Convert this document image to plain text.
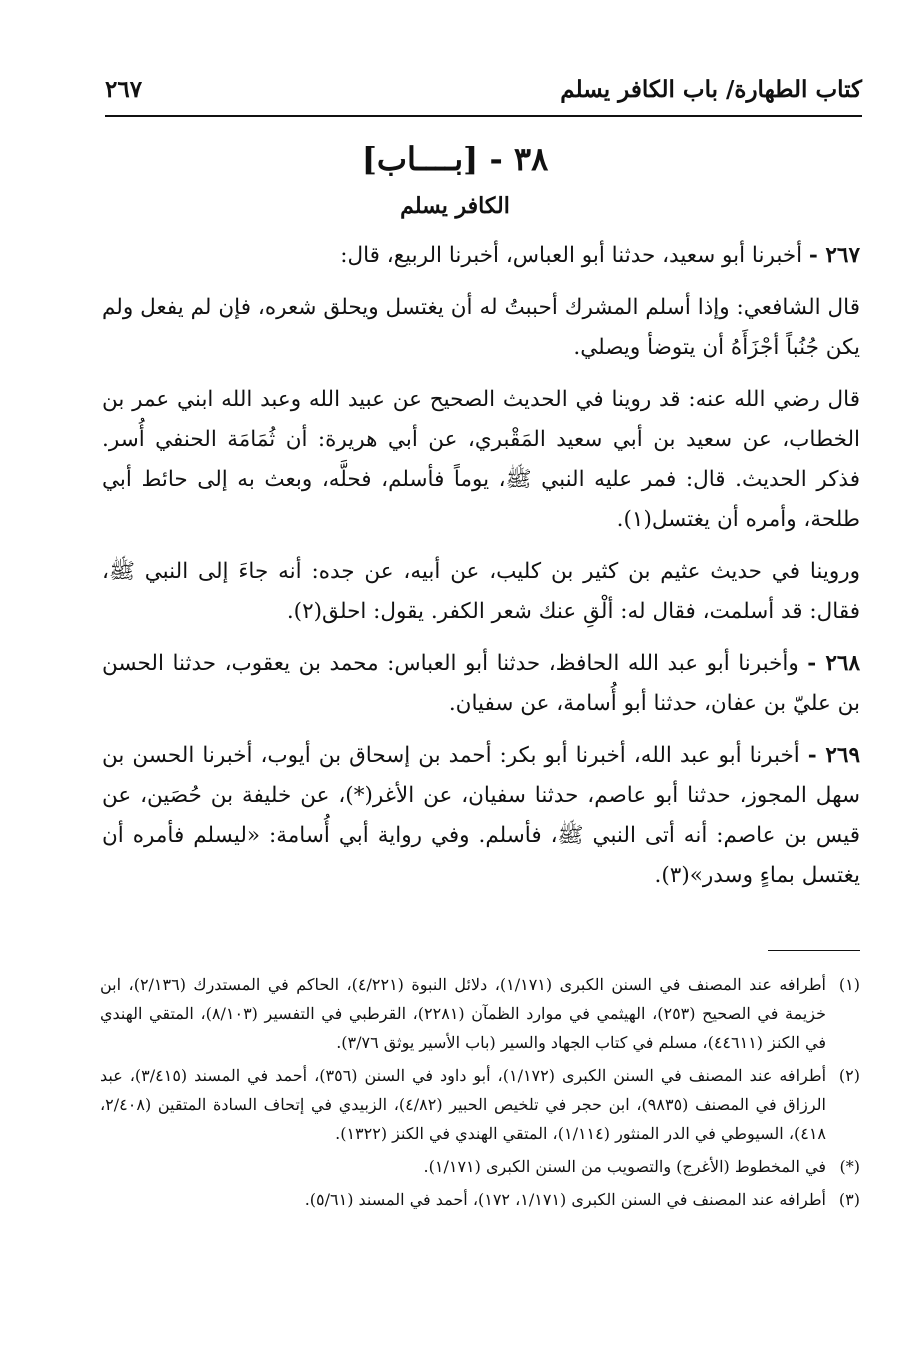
كتاب الطهارة/ باب الكافر يسلم
٢٦٧
٣٨ - [بــــاب]
الكافر يسلم

٢٦٧ - أخبرنا أبو سعيد، حدثنا أبو العباس، أخبرنا الربيع، قال:

قال الشافعي: وإذا أسلم المشرك أحببتُ له أن يغتسل ويحلق شعره، فإن لم يفعل ولم يكن جُنُباً أجْزَأَهُ أن يتوضأ ويصلي.

قال رضي الله عنه: قد روينا في الحديث الصحيح عن عبيد الله وعبد الله ابني عمر بن الخطاب، عن سعيد بن أبي سعيد المَقْبري، عن أبي هريرة: أن ثُمَامَة الحنفي أُسر. فذكر الحديث. قال: فمر عليه النبي ﷺ، يوماً فأسلم، فحلَّه، وبعث به إلى حائط أبي طلحة، وأمره أن يغتسل(١).

وروينا في حديث عثيم بن كثير بن كليب، عن أبيه، عن جده: أنه جاءَ إلى النبي ﷺ، فقال: قد أسلمت، فقال له: ألْقِ عنك شعر الكفر. يقول: احلق(٢).

٢٦٨ - وأخبرنا أبو عبد الله الحافظ، حدثنا أبو العباس: محمد بن يعقوب، حدثنا الحسن بن عليّ بن عفان، حدثنا أبو أُسامة، عن سفيان.

٢٦٩ - أخبرنا أبو عبد الله، أخبرنا أبو بكر: أحمد بن إسحاق بن أيوب، أخبرنا الحسن بن سهل المجوز، حدثنا أبو عاصم، حدثنا سفيان، عن الأغر(*)، عن خليفة بن حُصَين، عن قيس بن عاصم: أنه أتى النبي ﷺ، فأسلم. وفي رواية أبي أُسامة: «ليسلم فأمره أن يغتسل بماءٍ وسدر»(٣).

(١)
أطرافه عند المصنف في السنن الكبرى (١/١٧١)، دلائل النبوة (٤/٢٢١)، الحاكم في المستدرك (٢/١٣٦)، ابن خزيمة في الصحيح (٢٥٣)، الهيثمي في موارد الظمآن (٢٢٨١)، القرطبي في التفسير (٨/١٠٣)، المتقي الهندي في الكنز (٤٤٦١١)، مسلم في كتاب الجهاد والسير (باب الأسير يوثق ٣/٧٦).
(٢)
أطرافه عند المصنف في السنن الكبرى (١/١٧٢)، أبو داود في السنن (٣٥٦)، أحمد في المسند (٣/٤١٥)، عبد الرزاق في المصنف (٩٨٣٥)، ابن حجر في تلخيص الحبير (٤/٨٢)، الزبيدي في إتحاف السادة المتقين (٢/٤٠٨، ٤١٨)، السيوطي في الدر المنثور (١/١١٤)، المتقي الهندي في الكنز (١٣٢٢).
(*)
في المخطوط (الأغرج) والتصويب من السنن الكبرى (١/١٧١).
(٣)
أطرافه عند المصنف في السنن الكبرى (١/١٧١، ١٧٢)، أحمد في المسند (٥/٦١).
